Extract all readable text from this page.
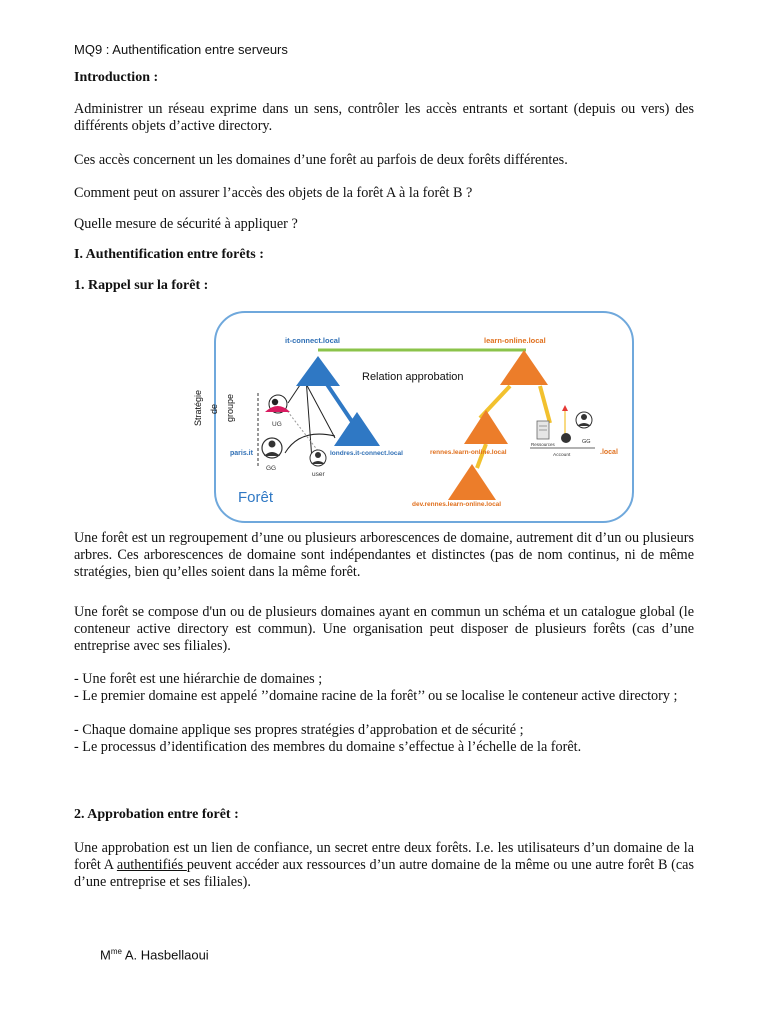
MQ9 : Authentification entre serveurs
Introduction :
Administrer un réseau exprime dans un sens, contrôler les accès entrants et sortant (depuis ou vers) des différents objets d’active directory.
Ces accès concernent un les domaines d’une forêt au parfois de deux forêts différentes.
Comment peut on assurer l’accès des objets de la forêt A à la forêt B ?
Quelle mesure de sécurité à appliquer ?
I. Authentification entre forêts :
1. Rappel sur la forêt :
it-connect.local	learn-online.local
Relation approbation
paris.it	londres.it-connect.local	rennes.learn-online.local
dev.rennes.learn-online.local
.local
Stratégie de groupe
UG
GG
user
Ressources	GG
Account
Forêt
Une forêt est un regroupement d’une ou plusieurs arborescences de domaine, autrement dit d’un ou plusieurs arbres. Ces arborescences de domaine sont indépendantes et distinctes (pas de nom continus, ni de même stratégies, bien qu’elles soient dans la même forêt.
Une forêt se compose d'un ou de plusieurs domaines ayant en commun un schéma et un catalogue global (le conteneur active directory est commun). Une organisation peut disposer de plusieurs forêts (cas d’une entreprise avec ses filiales).
- Une forêt est une hiérarchie de domaines ;
- Le premier domaine est appelé ’’domaine racine de la forêt’’ ou se localise le conteneur active directory ;
- Chaque domaine applique ses propres stratégies d’approbation et de sécurité ;
- Le processus d’identification des membres du domaine s’effectue à l’échelle de la forêt.
2. Approbation entre forêt :
Une approbation est un lien de confiance, un secret entre deux forêts. I.e. les utilisateurs d’un domaine de la forêt A authentifiés peuvent accéder aux ressources d’un autre domaine de la même ou une autre forêt B (cas d’une entreprise et ses filiales).
$M^{me}$ A. Hasbellaoui
